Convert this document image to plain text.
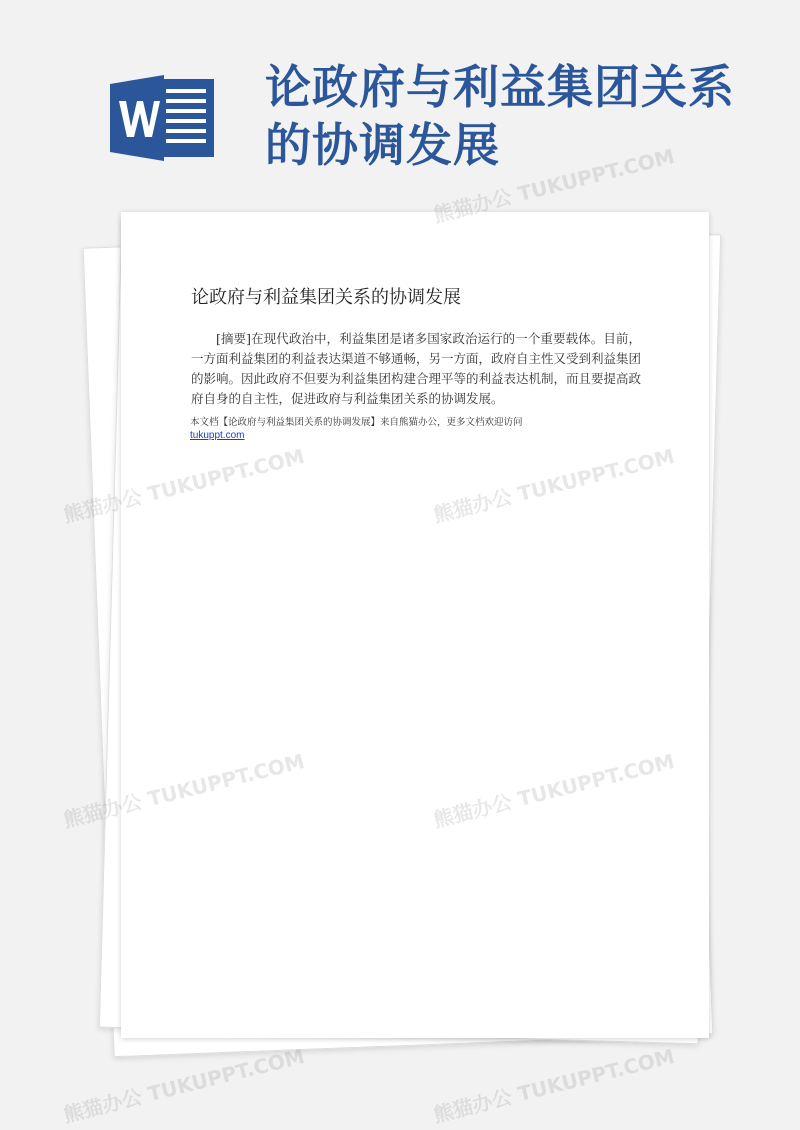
论政府与利益集团关系的协调发展
论政府与利益集团关系的协调发展

[摘要]在现代政治中，利益集团是诸多国家政治运行的一个重要载体。目前，一方面利益集团的利益表达渠道不够通畅，另一方面，政府自主性又受到利益集团的影响。因此政府不但要为利益集团构建合理平等的利益表达机制，而且要提高政府自身的自主性，促进政府与利益集团关系的协调发展。

本文档【论政府与利益集团关系的协调发展】来自熊猫办公，更多文档欢迎访问
tukuppt.com
熊猫办公 TUKUPPT.COM
熊猫办公
熊猫办公 TUKUPPT.COM	熊猫办公 TUKUPPT.COM
